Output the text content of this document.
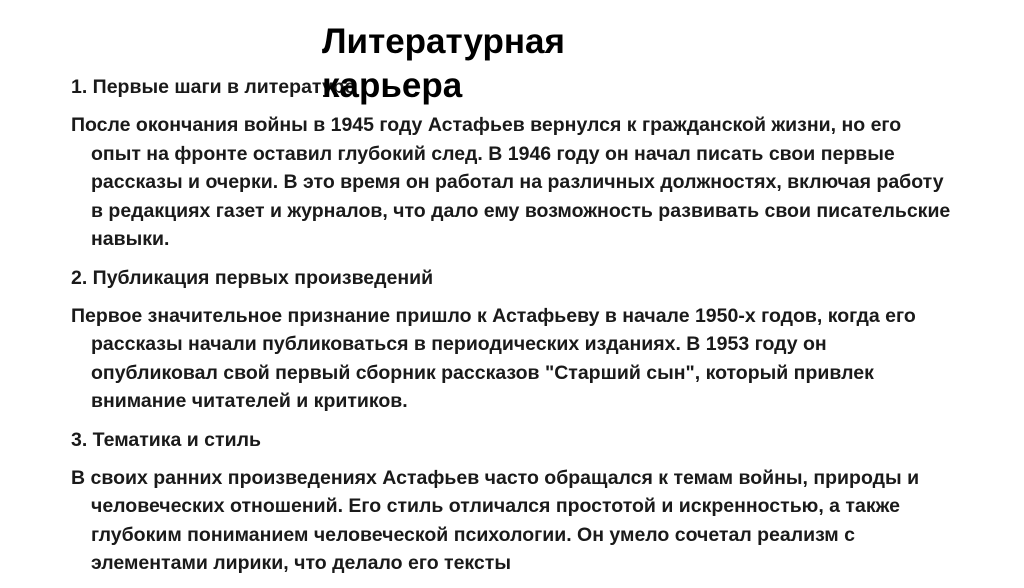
Литературная карьера
1. Первые шаги в литературе
После окончания войны в 1945 году Астафьев вернулся к гражданской жизни, но его опыт на фронте оставил глубокий след. В 1946 году он начал писать свои первые рассказы и очерки. В это время он работал на различных должностях, включая работу в редакциях газет и журналов, что дало ему возможность развивать свои писательские навыки.
2. Публикация первых произведений
Первое значительное признание пришло к Астафьеву в начале 1950-х годов, когда его рассказы начали публиковаться в периодических изданиях. В 1953 году он опубликовал свой первый сборник рассказов "Старший сын", который привлек внимание читателей и критиков.
3. Тематика и стиль
В своих ранних произведениях Астафьев часто обращался к темам войны, природы и человеческих отношений. Его стиль отличался простотой и искренностью, а также глубоким пониманием человеческой психологии. Он умело сочетал реализм с элементами лирики, что делало его тексты
